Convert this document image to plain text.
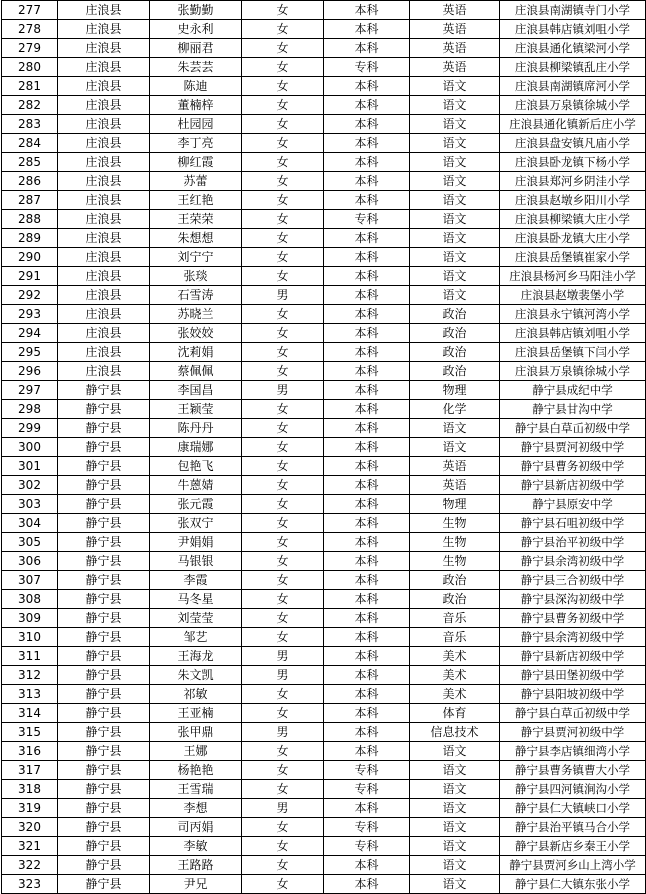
277	庄浪县	张勤勤	女	本科	英语	庄浪县南湖镇寺门小学
278	庄浪县	史永利	女	本科	英语	庄浪县韩店镇刘咀小学
279	庄浪县	柳丽君	女	本科	英语	庄浪县通化镇梁河小学
280	庄浪县	朱芸芸	女	专科	英语	庄浪县柳梁镇乱庄小学
281	庄浪县	陈迪	女	本科	语文	庄浪县南湖镇席河小学
282	庄浪县	董楠梓	女	本科	语文	庄浪县万泉镇徐城小学
283	庄浪县	杜园园	女	本科	语文	庄浪县通化镇新后庄小学
284	庄浪县	李丁亮	女	本科	语文	庄浪县盘安镇凡庙小学
285	庄浪县	柳红霞	女	本科	语文	庄浪县卧龙镇下杨小学
286	庄浪县	苏蕾	女	本科	语文	庄浪县郑河乡阴洼小学
287	庄浪县	王红艳	女	本科	语文	庄浪县赵墩乡阳川小学
288	庄浪县	王荣荣	女	专科	语文	庄浪县柳梁镇大庄小学
289	庄浪县	朱想想	女	本科	语文	庄浪县卧龙镇大庄小学
290	庄浪县	刘宁宁	女	本科	语文	庄浪县岳堡镇崔家小学
291	庄浪县	张琰	女	本科	语文	庄浪县杨河乡马阳洼小学
292	庄浪县	石雪涛	男	本科	语文	庄浪县赵墩裴堡小学
293	庄浪县	苏晓兰	女	本科	政治	庄浪县永宁镇河湾小学
294	庄浪县	张姣姣	女	本科	政治	庄浪县韩店镇刘咀小学
295	庄浪县	沈莉娟	女	本科	政治	庄浪县岳堡镇下闫小学
296	庄浪县	蔡佩佩	女	本科	政治	庄浪县万泉镇徐城小学
297	静宁县	李国昌	男	本科	物理	静宁县成纪中学
298	静宁县	王颖莹	女	本科	化学	静宁县甘沟中学
299	静宁县	陈丹丹	女	本科	语文	静宁县白草屲初级中学
300	静宁县	康瑞娜	女	本科	语文	静宁县贾河初级中学
301	静宁县	包艳飞	女	本科	英语	静宁县曹务初级中学
302	静宁县	牛蒽婧	女	本科	英语	静宁县新店初级中学
303	静宁县	张元霞	女	本科	物理	静宁县原安中学
304	静宁县	张双宁	女	本科	生物	静宁县石咀初级中学
305	静宁县	尹娟娟	女	本科	生物	静宁县治平初级中学
306	静宁县	马银银	女	本科	生物	静宁县余湾初级中学
307	静宁县	李霞	女	本科	政治	静宁县三合初级中学
308	静宁县	马冬星	女	本科	政治	静宁县深沟初级中学
309	静宁县	刘莹莹	女	本科	音乐	静宁县曹务初级中学
310	静宁县	邹艺	女	本科	音乐	静宁县余湾初级中学
311	静宁县	王海龙	男	本科	美术	静宁县新店初级中学
312	静宁县	朱文凯	男	本科	美术	静宁县田堡初级中学
313	静宁县	祁敏	女	本科	美术	静宁县阳坡初级中学
314	静宁县	王亚楠	女	本科	体育	静宁县白草屲初级中学
315	静宁县	张甲鼎	男	本科	信息技术	静宁县贾河初级中学
316	静宁县	王娜	女	本科	语文	静宁县李店镇细湾小学
317	静宁县	杨艳艳	女	专科	语文	静宁县曹务镇曹大小学
318	静宁县	王雪瑞	女	专科	语文	静宁县四河镇涧沟小学
319	静宁县	李想	男	本科	语文	静宁县仁大镇峡口小学
320	静宁县	司丙娟	女	专科	语文	静宁县治平镇马合小学
321	静宁县	李敏	女	专科	语文	静宁县新店乡秦王小学
322	静宁县	王路路	女	本科	语文	静宁县贾河乡山上湾小学
323	静宁县	尹兄	女	本科	语文	静宁县仁大镇东张小学
